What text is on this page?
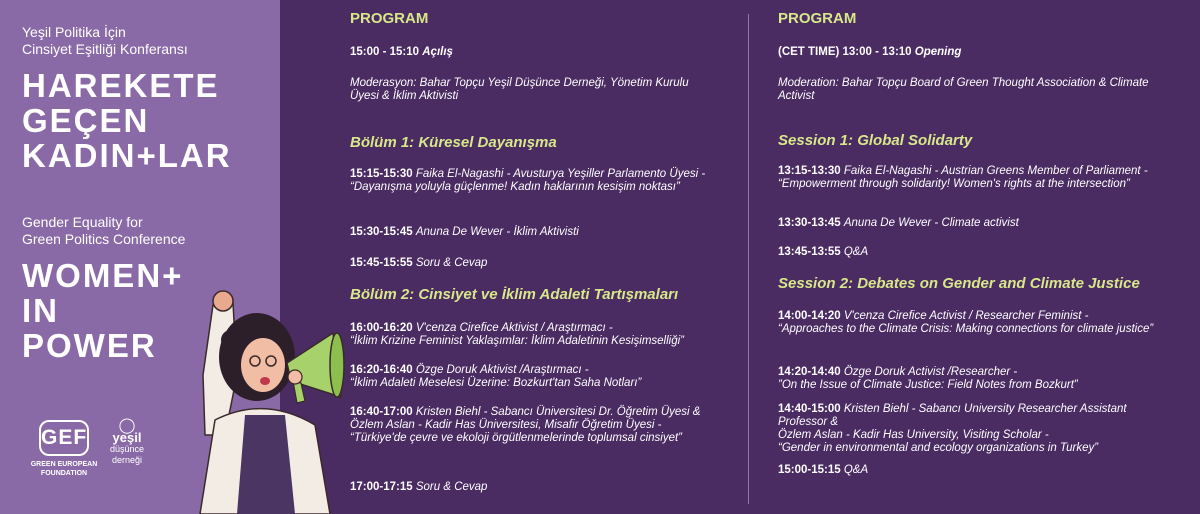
Yeşil Politika İçin
Cinsiyet Eşitliği Konferansı
HAREKETE
GEÇEN
KADIN+LAR
Gender Equality for
Green Politics Conference
WOMEN+
IN
POWER
GEF
GREEN EUROPEAN FOUNDATION
◯
yeşil
düşünce
derneği
PROGRAM
15:00 - 15:10 Açılış
Moderasyon: Bahar Topçu Yeşil Düşünce Derneği, Yönetim Kurulu Üyesi & İklim Aktivisti
Bölüm 1: Küresel Dayanışma
15:15-15:30 Faika El-Nagashi - Avusturya Yeşiller Parlamento Üyesi -
“Dayanışma yoluyla güçlenme! Kadın haklarının kesişim noktası”
15:30-15:45 Anuna De Wever - İklim Aktivisti
15:45-15:55 Soru & Cevap
Bölüm 2: Cinsiyet ve İklim Adaleti Tartışmaları
16:00-16:20 V'cenza Cirefice Aktivist / Araştırmacı -
“İklim Krizine Feminist Yaklaşımlar: İklim Adaletinin Kesişimselliği”
16:20-16:40 Özge Doruk Aktivist /Araştırmacı -
“İklim Adaleti Meselesi Üzerine: Bozkurt'tan Saha Notları”
16:40-17:00 Kristen Biehl - Sabancı Üniversitesi Dr. Öğretim Üyesi &
Özlem Aslan - Kadir Has Üniversitesi, Misafir Öğretim Üyesi -
“Türkiye'de çevre ve ekoloji örgütlenmelerinde toplumsal cinsiyet”
17:00-17:15 Soru & Cevap
PROGRAM
(CET TIME) 13:00 - 13:10 Opening
Moderation: Bahar Topçu Board of Green Thought Association & Climate Activist
Session 1: Global Solidarty
13:15-13:30 Faika El-Nagashi - Austrian Greens Member of Parliament -
“Empowerment through solidarity! Women's rights at the intersection”
13:30-13:45 Anuna De Wever - Climate activist
13:45-13:55 Q&A
Session 2: Debates on Gender and Climate Justice
14:00-14:20 V'cenza Cirefice Activist / Researcher Feminist -
“Approaches to the Climate Crisis: Making connections for climate justice”
14:20-14:40 Özge Doruk Activist /Researcher -
”On the Issue of Climate Justice: Field Notes from Bozkurt”
14:40-15:00 Kristen Biehl - Sabancı University Researcher Assistant Professor &
Özlem Aslan - Kadir Has University, Visiting Scholar -
“Gender in environmental and ecology organizations in Turkey”
15:00-15:15 Q&A
